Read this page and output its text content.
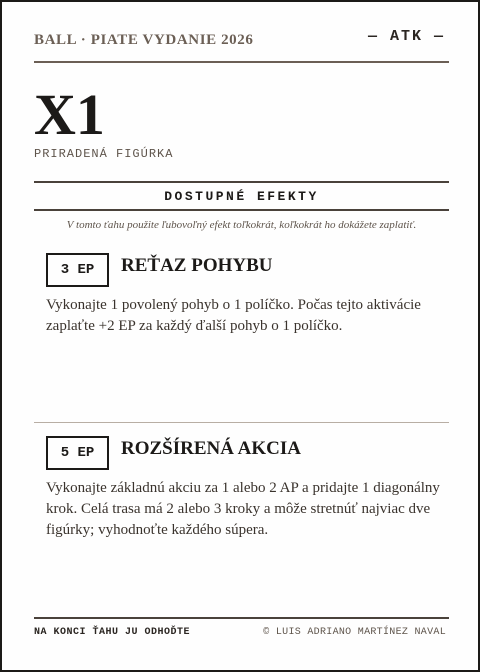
BALL · PIATE VYDANIE 2026	— ATK —
X1
PRIRADENÁ FIGÚRKA
DOSTUPNÉ EFEKTY
V tomto ťahu použite ľubovoľný efekt toľkokrát, koľkokrát ho dokážete zaplatiť.
3 EP	REŤAZ POHYBU
Vykonajte 1 povolený pohyb o 1 políčko. Počas tejto aktivácie zaplaťte +2 EP za každý ďalší pohyb o 1 políčko.
5 EP	ROZŠÍRENÁ AKCIA
Vykonajte základnú akciu za 1 alebo 2 AP a pridajte 1 diagonálny krok. Celá trasa má 2 alebo 3 kroky a môže stretnúť najviac dve figúrky; vyhodnoťte každého súpera.
NA KONCI ŤAHU JU ODHOĎTE	© LUIS ADRIANO MARTÍNEZ NAVAL
